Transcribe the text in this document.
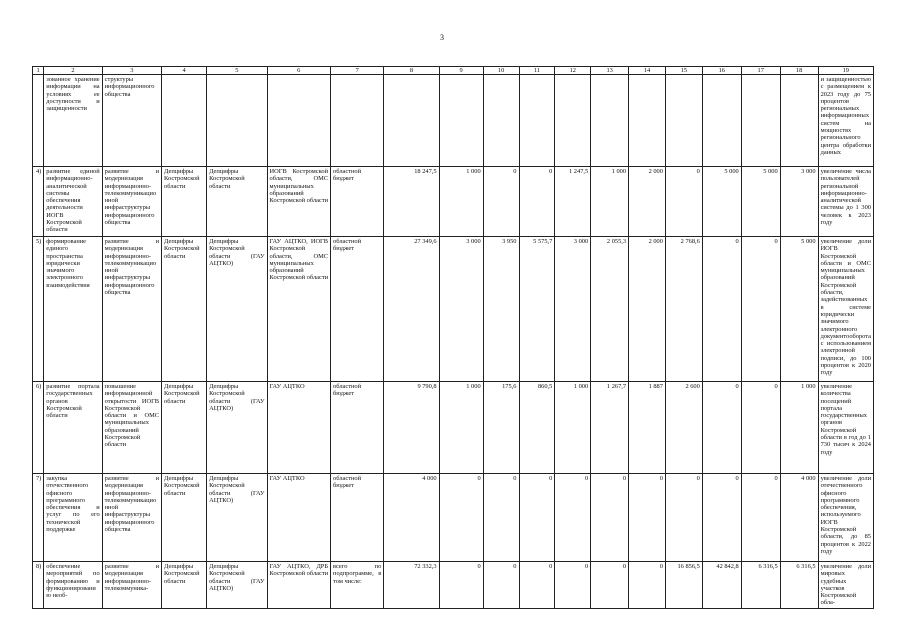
3
1	2	3	4	5	6	7	8	9	10	11	12	13	14	15	16	17	18	19
	зованное хранение информации на условиях ее доступности и защищенности	структуры информационного общества																и защищенностью с размещением к 2023 году до 75 процентов региональных информационных систем на мощностях регионального центра обработки данных
4)	развитие единой информационно-аналитической системы обеспечения деятельности ИОГВ Костромской области	развитие и модернизация информационно-телекоммуникационной инфраструктуры информационного общества	Депцифры Костромской области	Депцифры Костромской области	ИОГВ Костромской области, ОМС муниципальных образований Костромской области	областной бюджет	18 247,5	1 000	0	0	1 247,5	1 000	2 000	0	5 000	5 000	3 000	увеличение числа пользователей региональной информационно-аналитической системы до 1 300 человек к 2023 году
5)	формирование единого пространства юридически значимого электронного взаимодействия	развитие и модернизация информационно-телекоммуникационной инфраструктуры информационного общества	Депцифры Костромской области	Депцифры Костромской области (ГАУ АЦТКО)	ГАУ АЦТКО, ИОГВ Костромской области, ОМС муниципальных образований Костромской области	областной бюджет	27 349,6	3 000	3 950	5 575,7	3 000	2 055,3	2 000	2 768,6	0	0	5 000	увеличение доли ИОГВ Костромской области и ОМС муниципальных образований Костромской области, задействованных в системе юридически значимого электронного документооборота с использованием электронной подписи, до 100 процентов к 2020 году
6)	развитие портала государственных органов Костромской области	повышение информационной открытости ИОГВ Костромской области и ОМС муниципальных образований Костромской области	Депцифры Костромской области	Депцифры Костромской области (ГАУ АЦТКО)	ГАУ АЦТКО	областной бюджет	9 790,8	1 000	175,6	860,5	1 000	1 267,7	1 887	2 600	0	0	1 000	увеличение количества посещений портала государственных органов Костромской области в год до 1 730 тысяч к 2024 году
7)	закупка отечественного офисного программного обеспечения и услуг по его технической поддержке	развитие и модернизация информационно-телекоммуникационной инфраструктуры информационного общества	Депцифры Костромской области	Депцифры Костромской области (ГАУ АЦТКО)	ГАУ АЦТКО	областной бюджет	4 000	0	0	0	0	0	0	0	0	0	4 000	увеличение доли отечественного офисного программного обеспечения, используемого ИОГВ Костромской области, до 85 процентов к 2022 году
8)	обеспечение мероприятий по формированию и функционированию необ-	развитие и модернизация информационно-телекоммуника-	Депцифры Костромской области	Депцифры Костромской области (ГАУ АЦТКО)	ГАУ АЦТКО, ДРБ Костромской области	всего по подпрограмме, в том числе:	72 332,3	0	0	0	0	0	0	16 856,5	42 842,8	6 316,5	6 316,5	увеличение доли мировых судебных участков Костромской обла-
